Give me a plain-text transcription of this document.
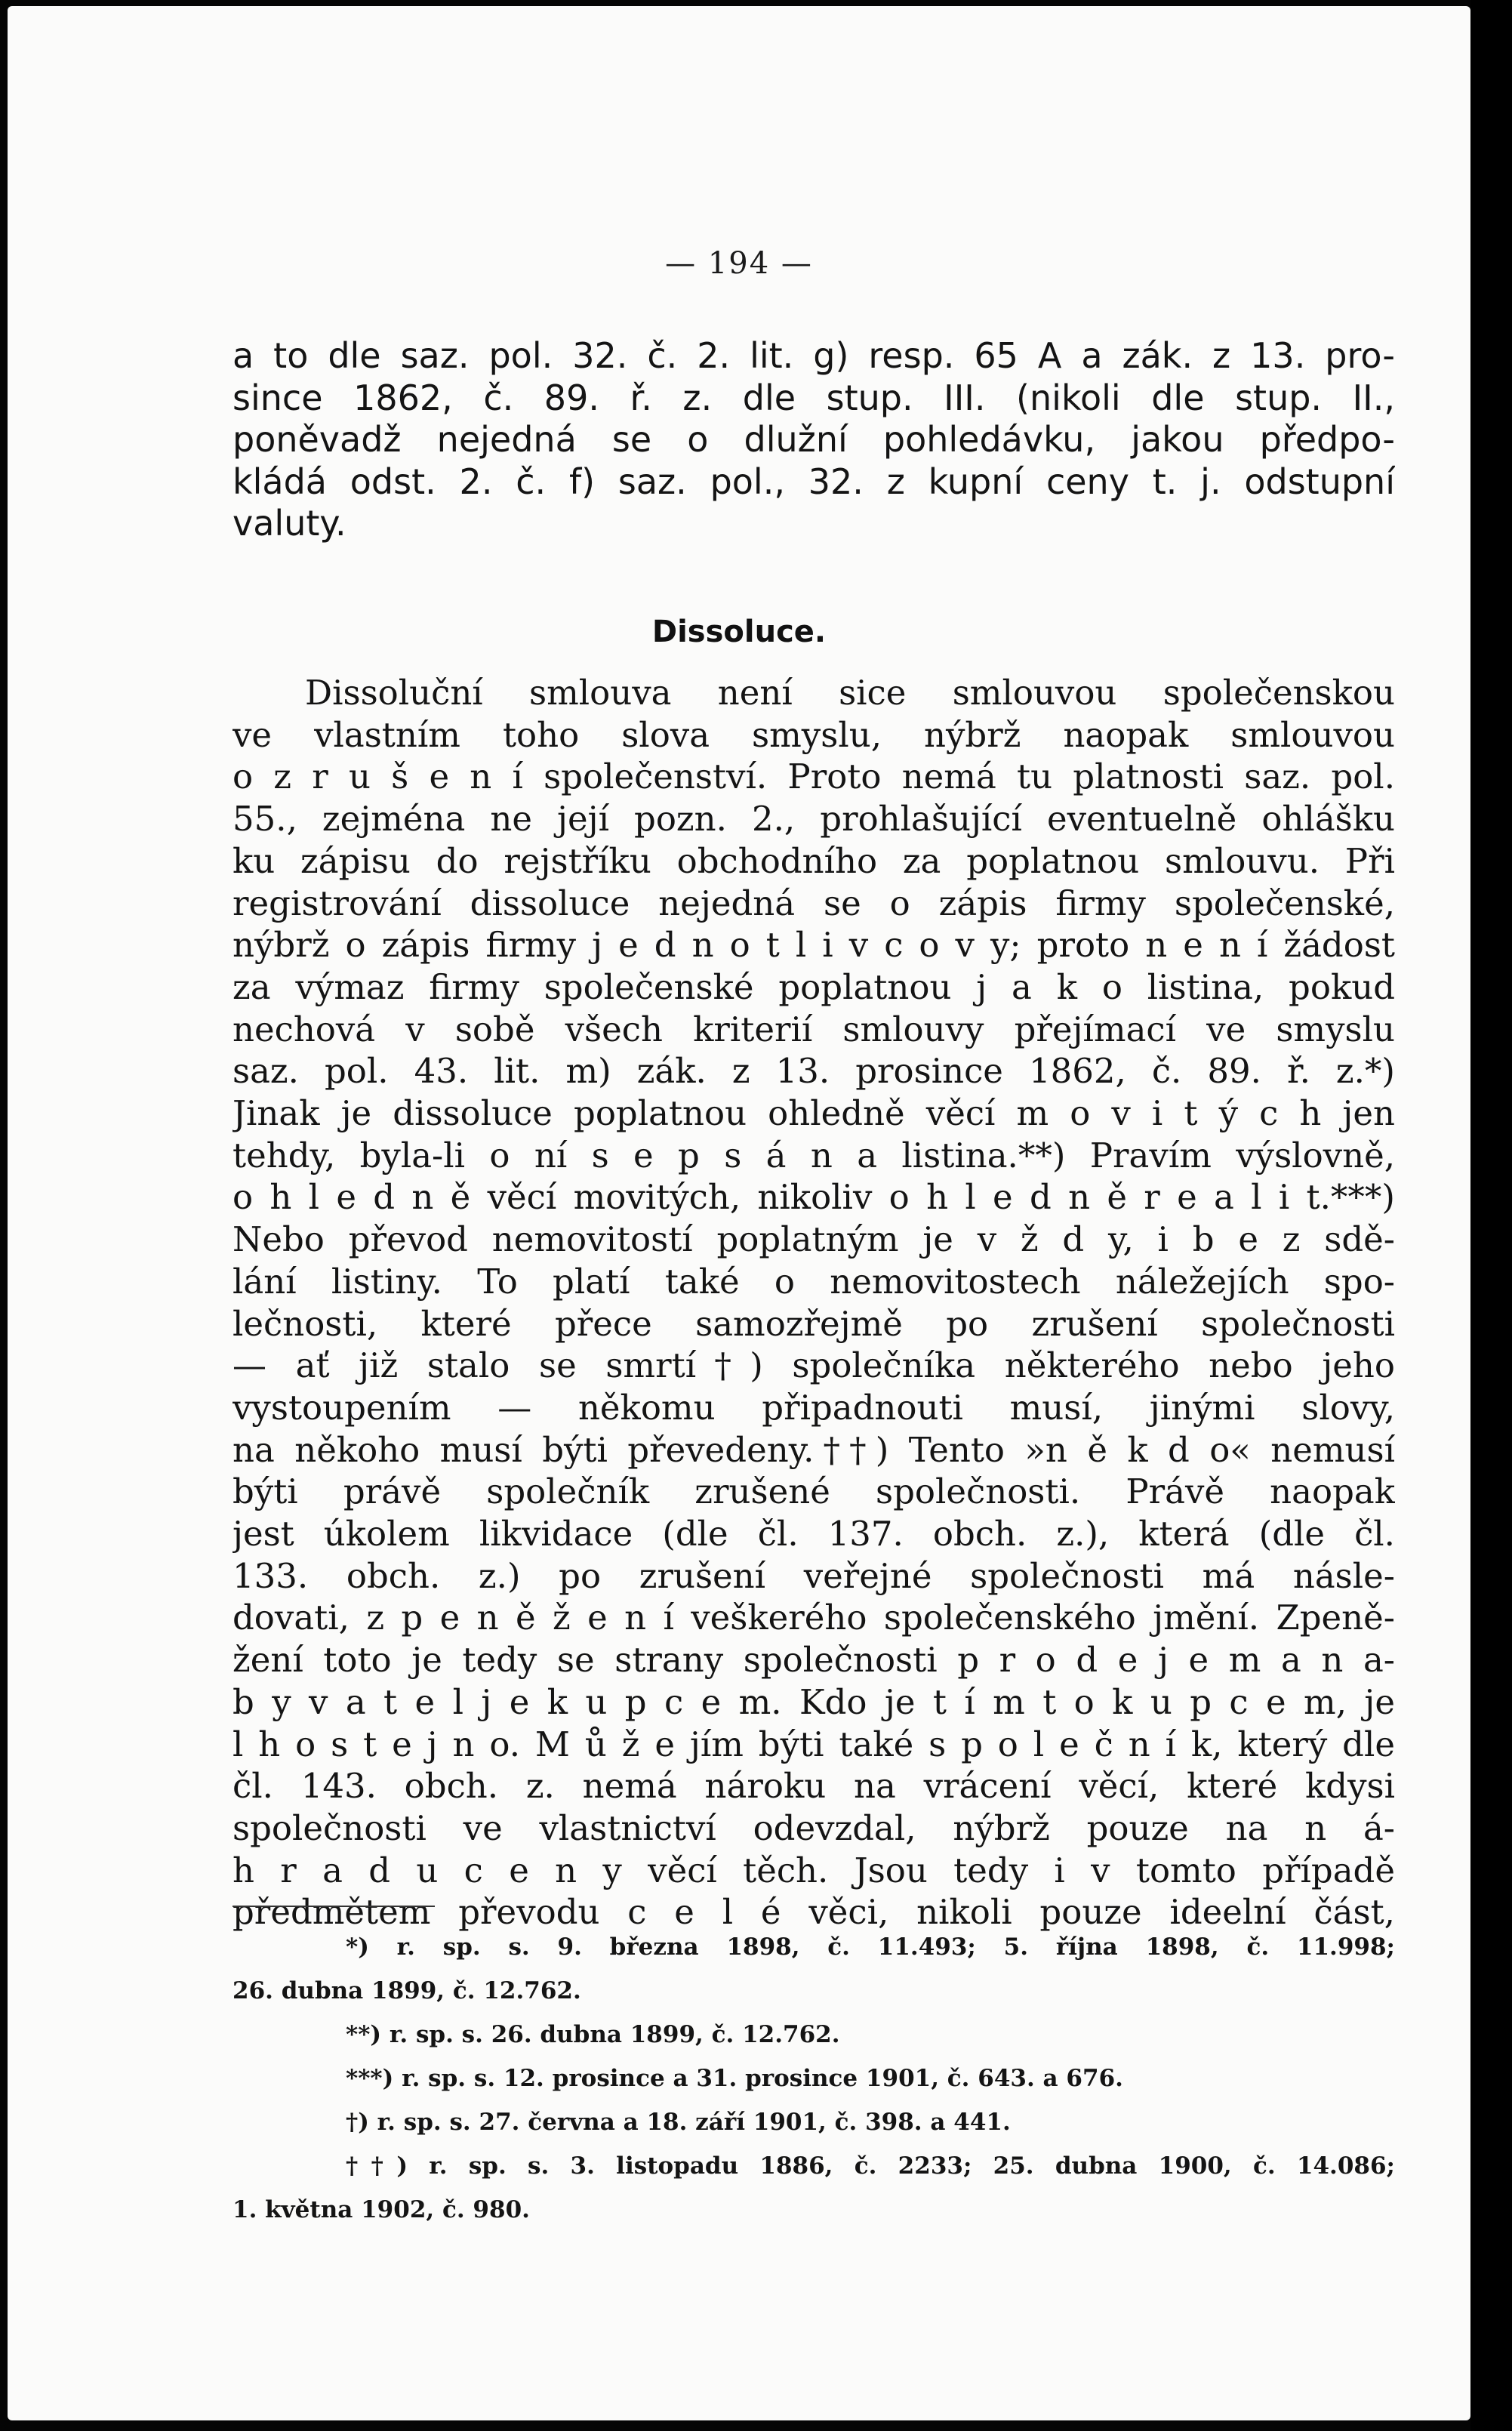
— 194 —
a to dle saz. pol. 32. č. 2. lit. g) resp. 65 A a zák. z 13. pro-
since 1862, č. 89. ř. z. dle stup. III. (nikoli dle stup. II.,
poněvadž nejedná se o dlužní pohledávku, jakou předpo-
kládá odst. 2. č. f) saz. pol., 32. z kupní ceny t. j. odstupní
valuty.
Dissoluce.
Dissoluční smlouva není sice smlouvou společenskou
ve vlastním toho slova smyslu, nýbrž naopak smlouvou
o z r u š e n í společenství. Proto nemá tu platnosti saz. pol.
55., zejména ne její pozn. 2., prohlašující eventuelně ohlášku
ku zápisu do rejstříku obchodního za poplatnou smlouvu. Při
registrování dissoluce nejedná se o zápis firmy společenské,
nýbrž o zápis firmy j e d n o t l i v c o v y; proto n e n í žádost
za výmaz firmy společenské poplatnou j a k o listina, pokud
nechová v sobě všech kriterií smlouvy přejímací ve smyslu
saz. pol. 43. lit. m) zák. z 13. prosince 1862, č. 89. ř. z.*)
Jinak je dissoluce poplatnou ohledně věcí m o v i t ý c h jen
tehdy, byla-li o ní s e p s á n a listina.**) Pravím výslovně,
o h l e d n ě věcí movitých, nikoliv o h l e d n ě r e a l i t.***)
Nebo převod nemovitostí poplatným je v ž d y, i b e z sdě-
lání listiny. To platí také o nemovitostech náležejích spo-
lečnosti, které přece samozřejmě po zrušení společnosti
— ať již stalo se smrtí†) společníka některého nebo jeho
vystoupením — někomu připadnouti musí, jinými slovy,
na někoho musí býti převedeny.††) Tento »n ě k d o« nemusí
býti právě společník zrušené společnosti. Právě naopak
jest úkolem likvidace (dle čl. 137. obch. z.), která (dle čl.
133. obch. z.) po zrušení veřejné společnosti má násle-
dovati, z p e n ě ž e n í veškerého společenského jmění. Zpeně-
žení toto je tedy se strany společnosti p r o d e j e m a n a-
b y v a t e l j e k u p c e m. Kdo je t í m t o k u p c e m, je
l h o s t e j n o. M ů ž e jím býti také s p o l e č n í k, který dle
čl. 143. obch. z. nemá nároku na vrácení věcí, které kdysi
společnosti ve vlastnictví odevzdal, nýbrž pouze na n á-
h r a d u c e n y věcí těch. Jsou tedy i v tomto případě
předmětem převodu c e l é věci, nikoli pouze ideelní část,
*) r. sp. s. 9. března 1898, č. 11.493; 5. října 1898, č. 11.998;
26. dubna 1899, č. 12.762.
**) r. sp. s. 26. dubna 1899, č. 12.762.
***) r. sp. s. 12. prosince a 31. prosince 1901, č. 643. a 676.
†) r. sp. s. 27. června a 18. září 1901, č. 398. a 441.
††) r. sp. s. 3. listopadu 1886, č. 2233; 25. dubna 1900, č. 14.086;
1. května 1902, č. 980.
